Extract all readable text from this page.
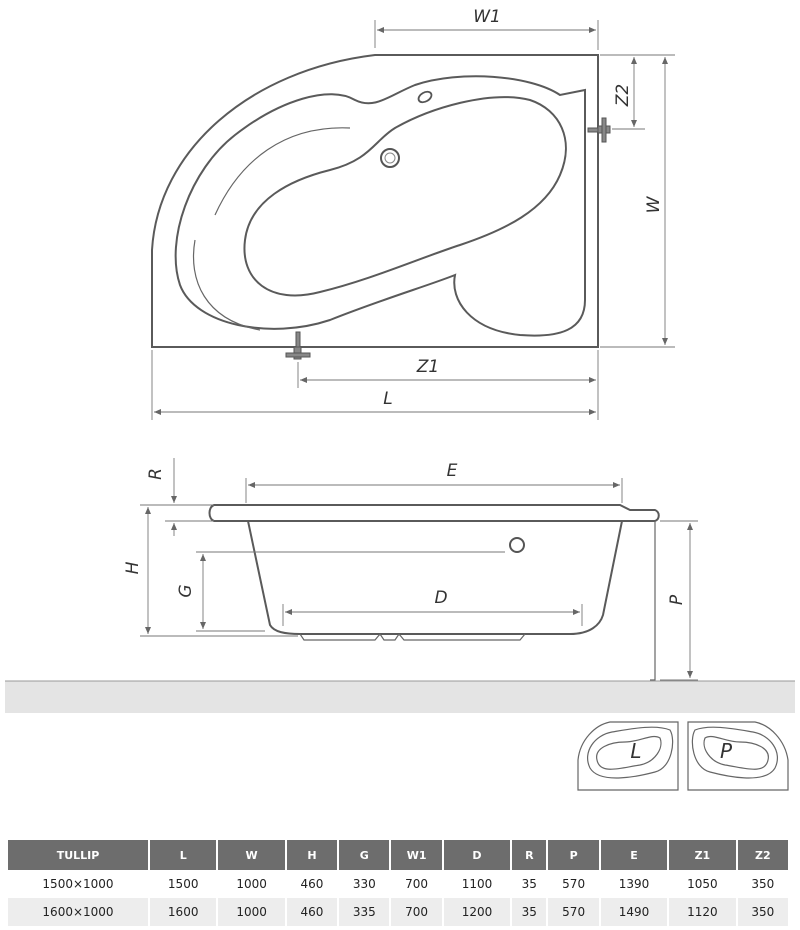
W1
Z2
W
Z1
L
E
R
H
G	D	P
L	P
TULLIP	L	W	H	G	W1	D	R	P	E	Z1	Z2
1500×1000	1500	1000	460	330	700	1100	35	570	1390	1050	350
1600×1000	1600	1000	460	335	700	1200	35	570	1490	1120	350
